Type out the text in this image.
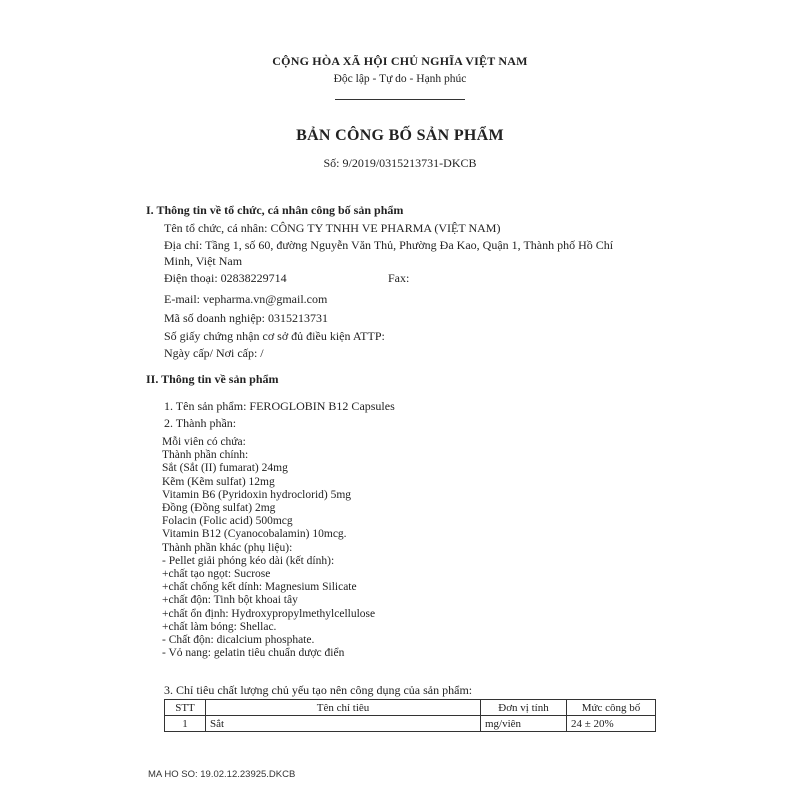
CỘNG HÒA XÃ HỘI CHỦ NGHĨA VIỆT NAM
Độc lập - Tự do - Hạnh phúc
BẢN CÔNG BỐ SẢN PHẨM
Số: 9/2019/0315213731-DKCB
I. Thông tin về tổ chức, cá nhân công bố sản phẩm
Tên tổ chức, cá nhân: CÔNG TY TNHH VE PHARMA (VIỆT NAM)
Địa chỉ: Tầng 1, số 60, đường Nguyễn Văn Thủ, Phường Đa Kao, Quận 1, Thành phố Hồ Chí
Minh, Việt Nam
Điện thoại: 02838229714	Fax:
E-mail: vepharma.vn@gmail.com
Mã số doanh nghiệp: 0315213731
Số giấy chứng nhận cơ sở đủ điều kiện ATTP:
Ngày cấp/ Nơi cấp: /
II. Thông tin về sản phẩm
1. Tên sản phẩm: FEROGLOBIN B12 Capsules
2. Thành phần:
Mỗi viên có chứa:
Thành phần chính:
Sắt (Sắt (II) fumarat) 24mg
Kẽm (Kẽm sulfat) 12mg
Vitamin B6 (Pyridoxin hydroclorid) 5mg
Đồng (Đồng sulfat) 2mg
Folacin (Folic acid) 500mcg
Vitamin B12 (Cyanocobalamin) 10mcg.
Thành phần khác (phụ liệu):
- Pellet giải phóng kéo dài (kết dính):
+chất tạo ngọt: Sucrose
+chất chống kết dính: Magnesium Silicate
+chất độn: Tinh bột khoai tây
+chất ổn định: Hydroxypropylmethylcellulose
+chất làm bóng: Shellac.
- Chất độn: dicalcium phosphate.
- Vỏ nang: gelatin tiêu chuẩn dược điển
3. Chỉ tiêu chất lượng chủ yếu tạo nên công dụng của sản phẩm:
STT	Tên chỉ tiêu	Đơn vị tính	Mức công bố
1	Sắt	mg/viên	24 ± 20%
MA HO SO: 19.02.12.23925.DKCB
